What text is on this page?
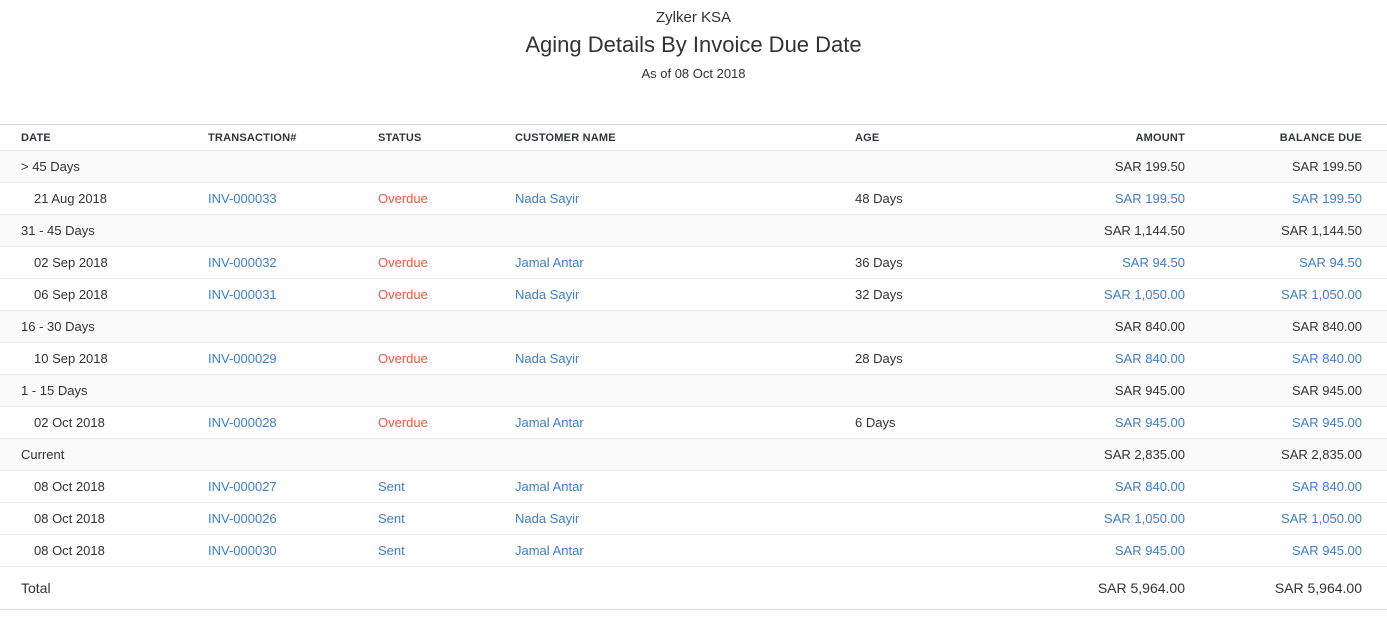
Zylker KSA

Aging Details By Invoice Due Date

As of 08 Oct 2018

DATE	TRANSACTION#	STATUS	CUSTOMER NAME	AGE	AMOUNT	BALANCE DUE
> 45 Days					SAR 199.50	SAR 199.50
21 Aug 2018	INV-000033	Overdue	Nada Sayir	48 Days	SAR 199.50	SAR 199.50
31 - 45 Days					SAR 1,144.50	SAR 1,144.50
02 Sep 2018	INV-000032	Overdue	Jamal Antar	36 Days	SAR 94.50	SAR 94.50
06 Sep 2018	INV-000031	Overdue	Nada Sayir	32 Days	SAR 1,050.00	SAR 1,050.00
16 - 30 Days					SAR 840.00	SAR 840.00
10 Sep 2018	INV-000029	Overdue	Nada Sayir	28 Days	SAR 840.00	SAR 840.00
1 - 15 Days					SAR 945.00	SAR 945.00
02 Oct 2018	INV-000028	Overdue	Jamal Antar	6 Days	SAR 945.00	SAR 945.00
Current					SAR 2,835.00	SAR 2,835.00
08 Oct 2018	INV-000027	Sent	Jamal Antar		SAR 840.00	SAR 840.00
08 Oct 2018	INV-000026	Sent	Nada Sayir		SAR 1,050.00	SAR 1,050.00
08 Oct 2018	INV-000030	Sent	Jamal Antar		SAR 945.00	SAR 945.00
Total					SAR 5,964.00	SAR 5,964.00
